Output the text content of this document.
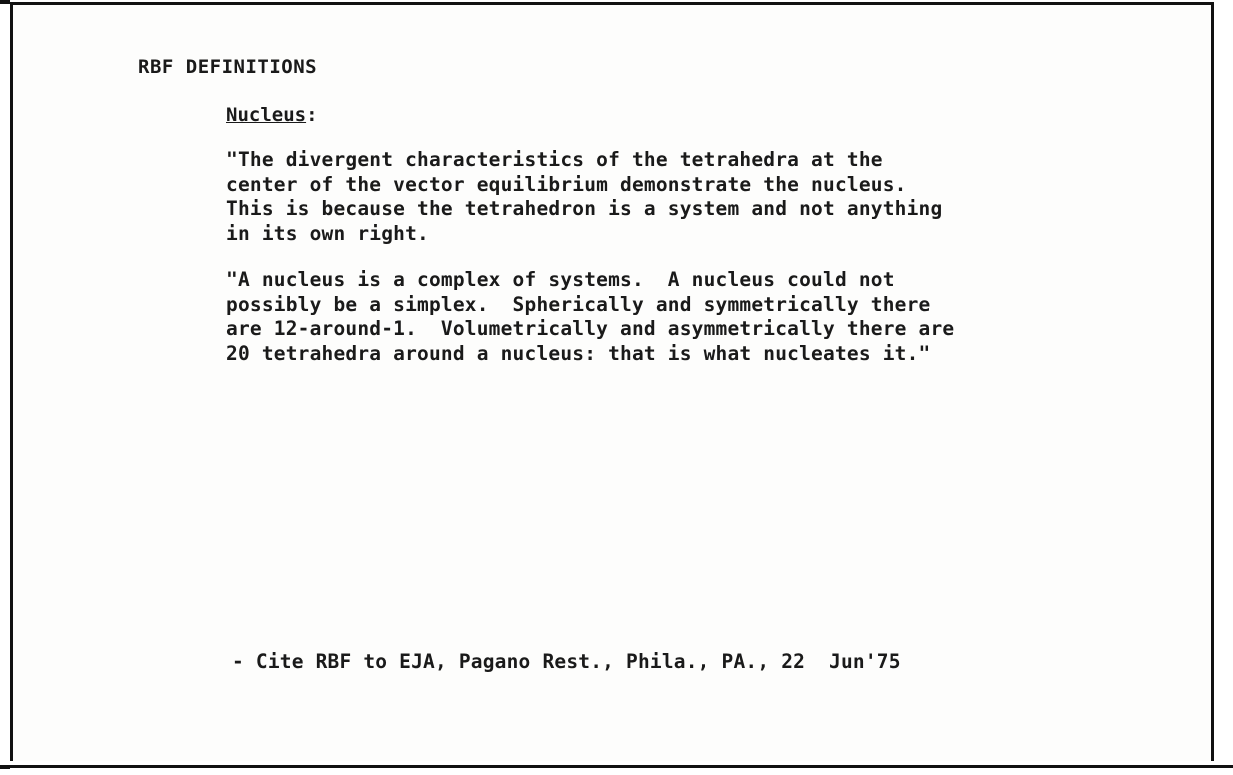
RBF DEFINITIONS
Nucleus:
"The divergent characteristics of the tetrahedra at the
center of the vector equilibrium demonstrate the nucleus.
This is because the tetrahedron is a system and not anything
in its own right.
"A nucleus is a complex of systems.  A nucleus could not
possibly be a simplex.  Spherically and symmetrically there
are 12-around-1.  Volumetrically and asymmetrically there are
20 tetrahedra around a nucleus: that is what nucleates it."
- Cite RBF to EJA, Pagano Rest., Phila., PA., 22  Jun'75
